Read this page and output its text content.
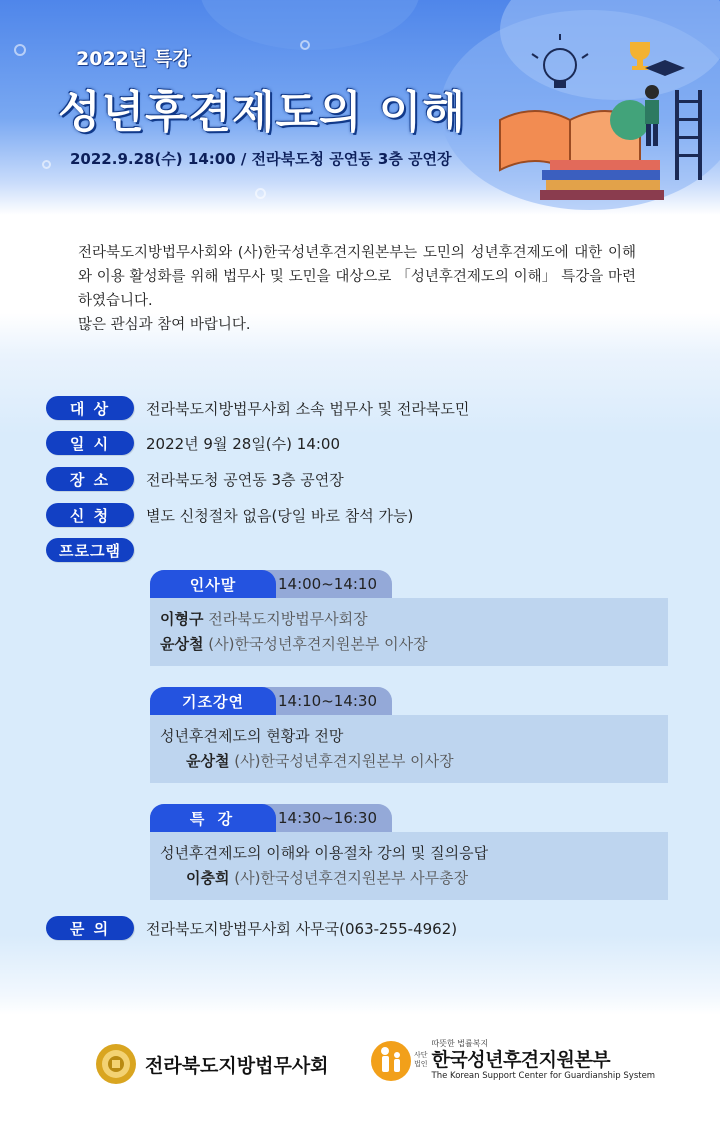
2022년 특강
성년후견제도의 이해
2022.9.28(수) 14:00 / 전라북도청 공연동 3층 공연장

전라북도지방법무사회와 (사)한국성년후견지원본부는 도민의 성년후견제도에 대한 이해와 이용 활성화를 위해 법무사 및 도민을 대상으로 「성년후견제도의 이해」 특강을 마련하였습니다.

많은 관심과 참여 바랍니다.

대 상	전라북도지방법무사회 소속 법무사 및 전라북도민
일 시	2022년 9월 28일(수) 14:00
장 소	전라북도청 공연동 3층 공연장
신 청	별도 신청절차 없음(당일 바로 참석 가능)
프로그램
인사말	14:00~14:10
이형구 전라북도지방법무사회장
윤상철 (사)한국성년후견지원본부 이사장
기조강연	14:10~14:30
성년후견제도의 현황과 전망
윤상철 (사)한국성년후견지원본부 이사장
특 강	14:30~16:30
성년후견제도의 이해와 이용절차 강의 및 질의응답
이충희 (사)한국성년후견지원본부 사무총장
문 의	전라북도지방법무사회 사무국(063-255-4962)
전라북도지방법무사회	사단
법인
따뜻한 법률복지
한국성년후견지원본부
The Korean Support Center for Guardianship System
